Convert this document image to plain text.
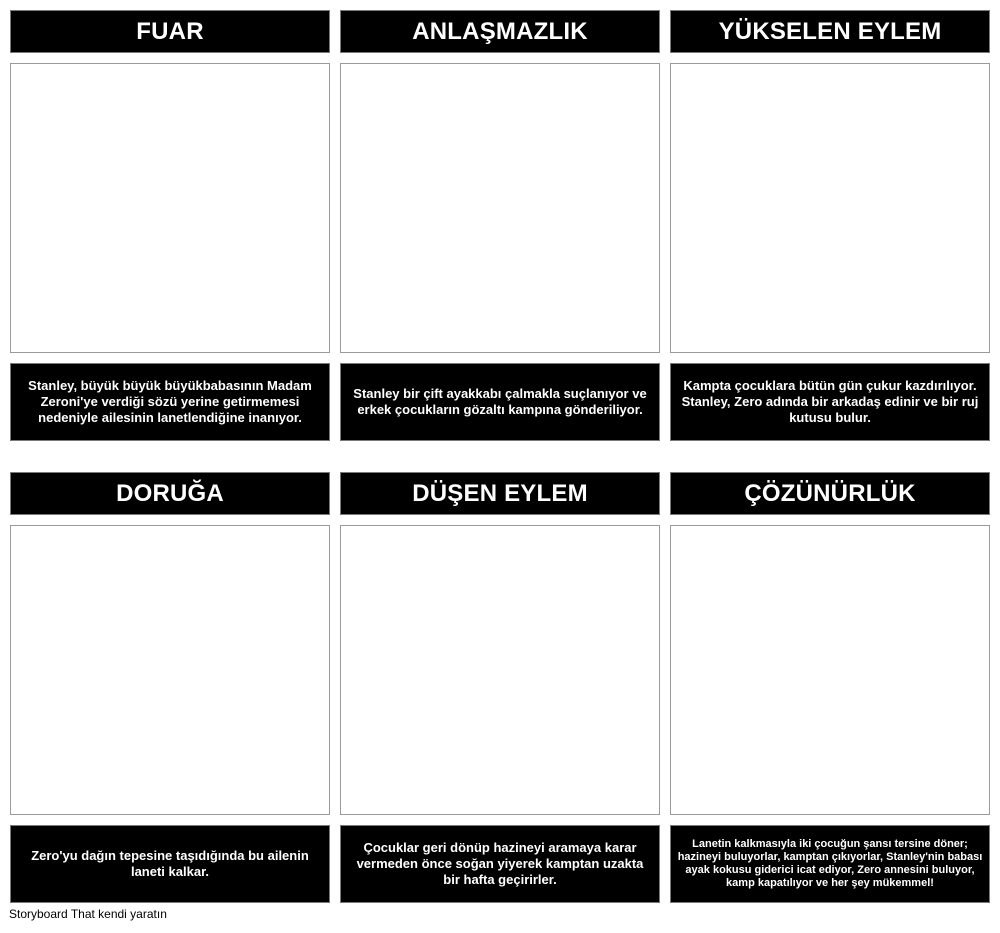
FUAR
Stanley, büyük büyük büyükbabasının Madam Zeroni'ye verdiği sözü yerine getirmemesi nedeniyle ailesinin lanetlendiğine inanıyor.
ANLAŞMAZLIK
Stanley bir çift ayakkabı çalmakla suçlanıyor ve erkek çocukların gözaltı kampına gönderiliyor.
YÜKSELEN EYLEM
Kampta çocuklara bütün gün çukur kazdırılıyor. Stanley, Zero adında bir arkadaş edinir ve bir ruj kutusu bulur.
DORUĞA
Zero'yu dağın tepesine taşıdığında bu ailenin laneti kalkar.
DÜŞEN EYLEM
Çocuklar geri dönüp hazineyi aramaya karar vermeden önce soğan yiyerek kamptan uzakta bir hafta geçirirler.
ÇÖZÜNÜRLÜK
Lanetin kalkmasıyla iki çocuğun şansı tersine döner; hazineyi buluyorlar, kamptan çıkıyorlar, Stanley'nin babası ayak kokusu giderici icat ediyor, Zero annesini buluyor, kamp kapatılıyor ve her şey mükemmel!
Storyboard That kendi yaratın
